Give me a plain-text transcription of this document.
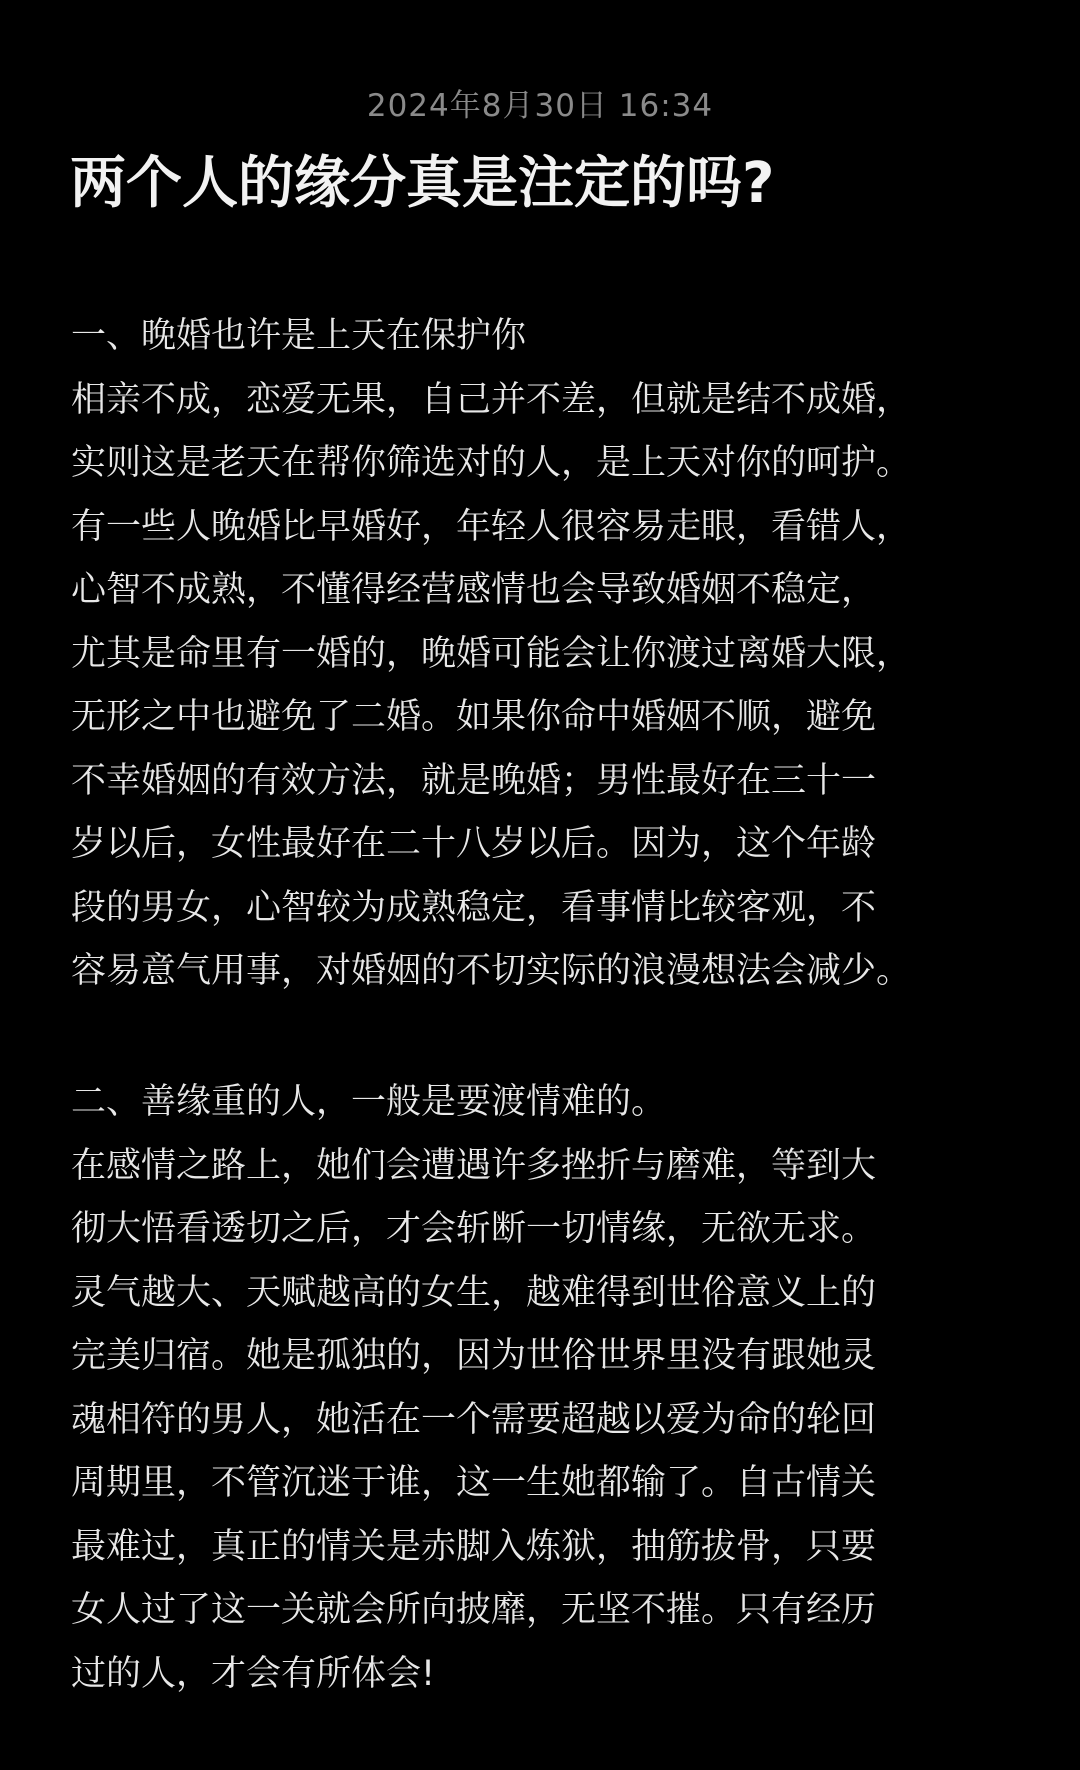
2024年8月30日 16:34
两个人的缘分真是注定的吗?
一、晚婚也许是上天在保护你
相亲不成，恋爱无果，自己并不差，但就是结不成婚，
实则这是老天在帮你筛选对的人，是上天对你的呵护。
有一些人晚婚比早婚好，年轻人很容易走眼，看错人，
心智不成熟，不懂得经营感情也会导致婚姻不稳定，
尤其是命里有一婚的，晚婚可能会让你渡过离婚大限，
无形之中也避免了二婚。如果你命中婚姻不顺，避免
不幸婚姻的有效方法，就是晚婚；男性最好在三十一
岁以后，女性最好在二十八岁以后。因为，这个年龄
段的男女，心智较为成熟稳定，看事情比较客观，不
容易意气用事，对婚姻的不切实际的浪漫想法会减少。
二、善缘重的人，一般是要渡情难的。
在感情之路上，她们会遭遇许多挫折与磨难，等到大
彻大悟看透切之后，才会斩断一切情缘，无欲无求。
灵气越大、天赋越高的女生，越难得到世俗意义上的
完美归宿。她是孤独的，因为世俗世界里没有跟她灵
魂相符的男人，她活在一个需要超越以爱为命的轮回
周期里，不管沉迷于谁，这一生她都输了。自古情关
最难过，真正的情关是赤脚入炼狱，抽筋拔骨，只要
女人过了这一关就会所向披靡，无坚不摧。只有经历
过的人，才会有所体会!
